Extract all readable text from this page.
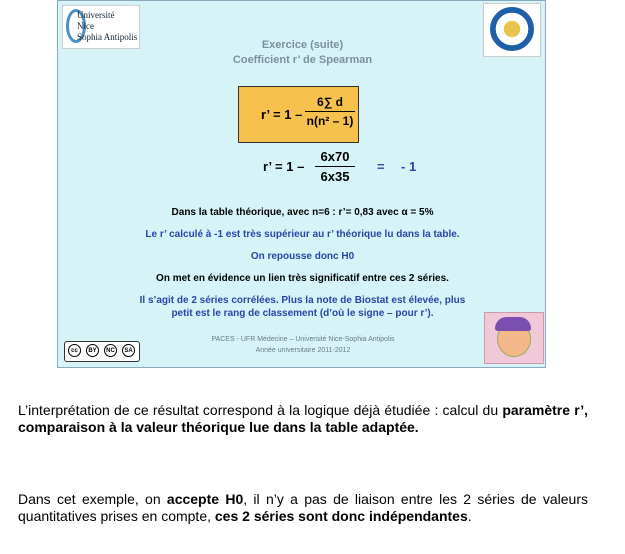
Université
Nice
Sophia Antipolis
Exercice (suite)
Coefficient r’ de Spearman
r’ = 1 –
6∑ d
n(n² – 1)
r’ = 1 –
6x70
6x35
= - 1
Dans la table théorique, avec n=6 : r’= 0,83 avec α = 5%
Le r’ calculé à -1 est très supérieur au r’ théorique lu dans la table.
On repousse donc H0
On met en évidence un lien très significatif entre ces 2 séries.
Il s’agit de 2 séries corrélées. Plus la note de Biostat est élevée, plus
petit est le rang de classement (d’où le signe – pour r’).
PACES - UFR Médecine – Université Nice-Sophia Antipolis
Année universitaire 2011-2012
cc	BY	NC	SA

L’interprétation de ce résultat correspond à la logique déjà étudiée : calcul du paramètre r’, comparaison à la valeur théorique lue dans la table adaptée.

Dans cet exemple, on accepte H0, il n’y a pas de liaison entre les 2 séries de valeurs quantitatives prises en compte, ces 2 séries sont donc indépendantes.
